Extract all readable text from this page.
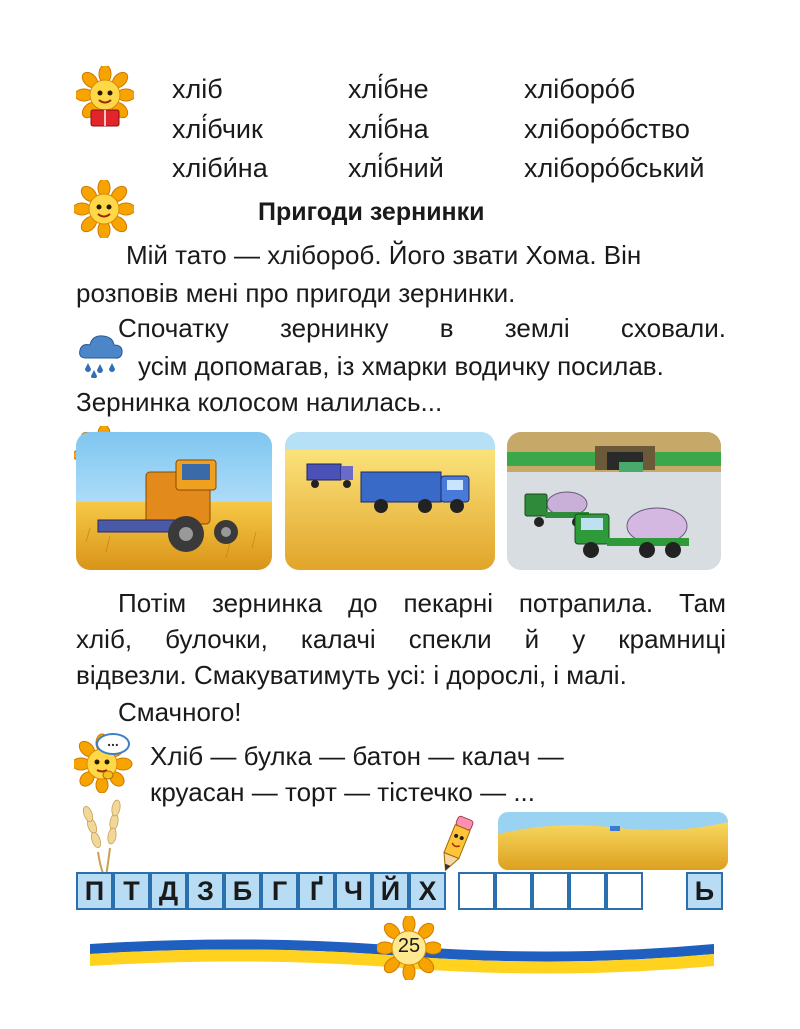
хліб
хлі́бчик
хліби́на
хлі́бне
хлі́бна
хлі́бний
хліборо́б
хліборо́бство
хліборо́бський
Пригоди зернинки
Мій тато — хлібороб. Його звати Хома. Він
розповів мені про пригоди зернинки.
Спочатку зернинку в землі сховали.
усім допомагав, із хмарки водичку посилав.
Зернинка колосом налилась...
Потім зернинка до пекарні потрапила. Там
хліб, булочки, калачі спекли й у крамниці
відвезли. Смакуватимуть усі: і дорослі, і малі.
Смачного!
...	Хліб — булка — батон — калач —
круасан — торт — тістечко — ...
П Т Д З Б Г Ґ Ч Й Х	Ь
25
